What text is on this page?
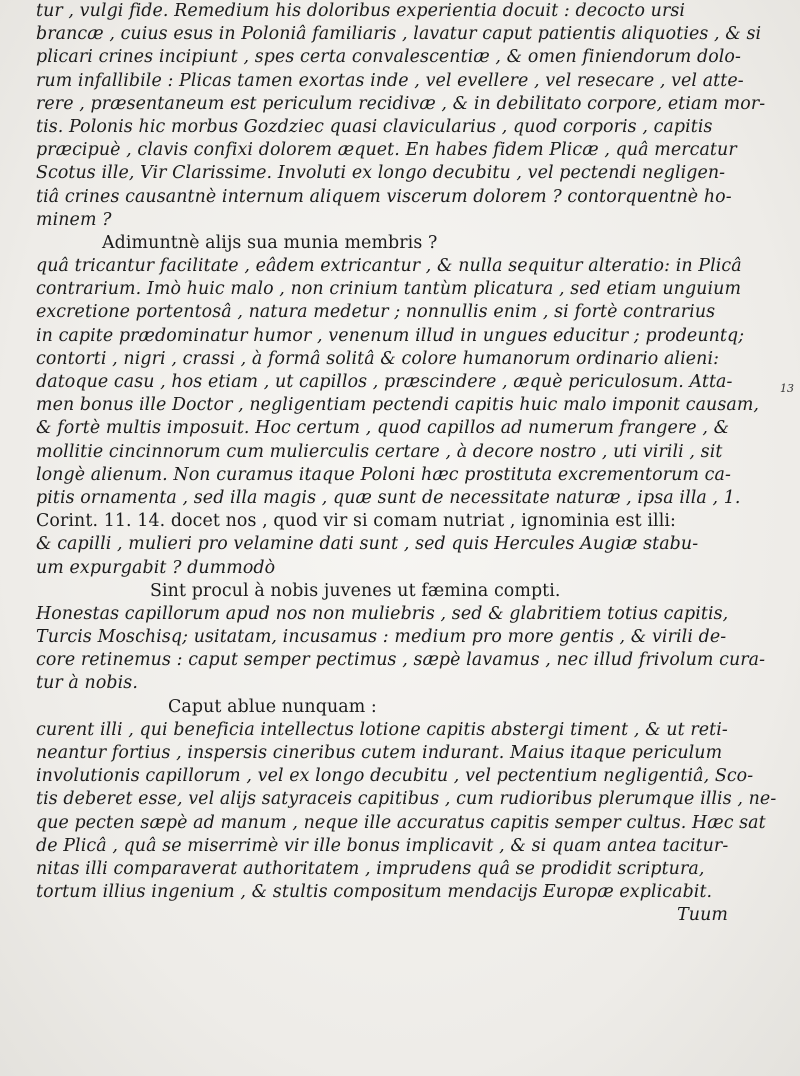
tur , vulgi fide. Remedium his doloribus experientia docuit : decocto ursi
brancæ , cuius esus in Poloniâ familiaris , lavatur caput patientis aliquoties , & si
plicari crines incipiunt , spes certa convalescentiæ , & omen finiendorum dolo-
rum infallibile : Plicas tamen exortas inde , vel evellere , vel resecare , vel atte-
rere , præsentaneum est periculum recidivæ , & in debilitato corpore, etiam mor-
tis. Polonis hic morbus Gozdziec quasi clavicularius , quod corporis , capitis
præcipuè , clavis confixi dolorem æquet. En habes fidem Plicæ , quâ mercatur
Scotus ille, Vir Clarissime. Involuti ex longo decubitu , vel pectendi negligen-
tiâ crines causantnè internum aliquem viscerum dolorem ? contorquentnè ho-
minem ?
Adimuntnè alijs sua munia membris ?
quâ tricantur facilitate , eâdem extricantur , & nulla sequitur alteratio: in Plicâ
contrarium. Imò huic malo , non crinium tantùm plicatura , sed etiam unguium
excretione portentosâ , natura medetur ; nonnullis enim , si fortè contrarius
in capite prædominatur humor , venenum illud in ungues educitur ; prodeuntq;
contorti , nigri , crassi , à formâ solitâ & colore humanorum ordinario alieni:
datoque casu , hos etiam , ut capillos , præscindere , æquè periculosum. Atta-
men bonus ille Doctor , negligentiam pectendi capitis huic malo imponit causam,
& fortè multis imposuit. Hoc certum , quod capillos ad numerum frangere , &
mollitie cincinnorum cum mulierculis certare , à decore nostro , uti virili , sit
longè alienum. Non curamus itaque Poloni hæc prostituta excrementorum ca-
pitis ornamenta , sed illa magis , quæ sunt de necessitate naturæ , ipsa illa , 1.
Corint. 11. 14. docet nos , quod vir si comam nutriat , ignominia est illi:
& capilli , mulieri pro velamine dati sunt , sed quis Hercules Augiæ stabu-
um expurgabit ? dummodò
Sint procul à nobis juvenes ut fæmina compti.
Honestas capillorum apud nos non muliebris , sed & glabritiem totius capitis,
Turcis Moschisq; usitatam, incusamus : medium pro more gentis , & virili de-
core retinemus : caput semper pectimus , sæpè lavamus , nec illud frivolum cura-
tur à nobis.
Caput ablue nunquam :
curent illi , qui beneficia intellectus lotione capitis abstergi timent , & ut reti-
neantur fortius , inspersis cineribus cutem indurant. Maius itaque periculum
involutionis capillorum , vel ex longo decubitu , vel pectentium negligentiâ, Sco-
tis deberet esse, vel alijs satyraceis capitibus , cum rudioribus plerumque illis , ne-
que pecten sæpè ad manum , neque ille accuratus capitis semper cultus. Hæc sat
de Plicâ , quâ se miserrimè vir ille bonus implicavit , & si quam antea tacitur-
nitas illi comparaverat authoritatem , imprudens quâ se prodidit scriptura,
tortum illius ingenium , & stultis compositum mendacijs Europæ explicabit.
Tuum
13
